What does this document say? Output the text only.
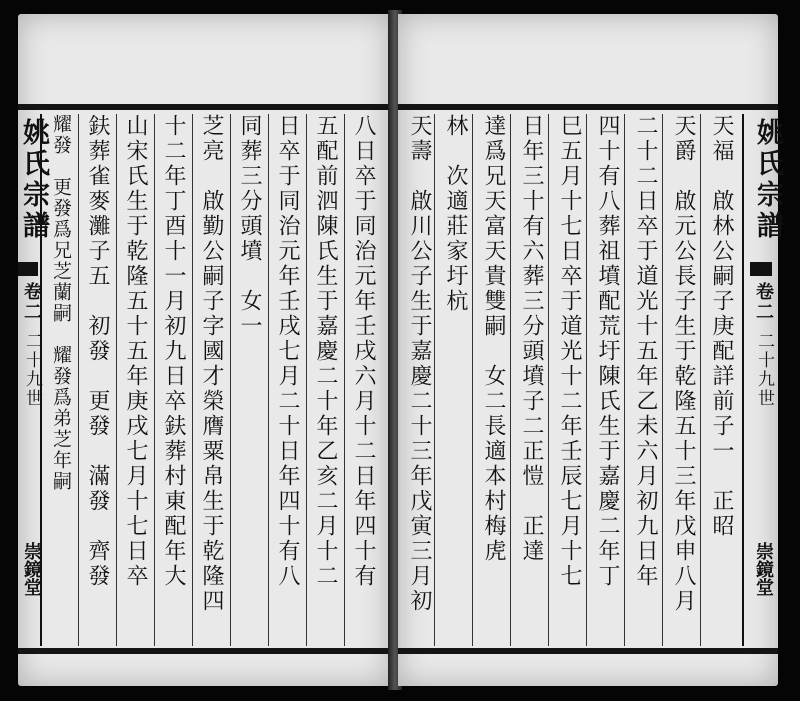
八日卒于同治元年壬戌六月十二日年四十有
五配前泗陳氏生于嘉慶二十年乙亥二月十二
日卒于同治元年壬戌七月二十日年四十有八
同葬三分頭墳　女一
芝亮　啟勤公嗣子字國才榮膺粟帛生于乾隆四
十二年丁酉十一月初九日卒鈇葬村東配年大
山宋氏生于乾隆五十五年庚戌七月十七日卒
鈇葬雀麥灘子五　初發　更發　滿發　齊發
耀發　更發爲兄芝蘭嗣　耀發爲弟芝年嗣
姚氏宗譜
卷二
二十九世
崇鏡堂
姚氏宗譜
卷二
二十九世
崇鏡堂
天福　啟林公嗣子庚配詳前子一　正昭
天爵　啟元公長子生于乾隆五十三年戊申八月
二十二日卒于道光十五年乙未六月初九日年
四十有八葬祖墳配荒圩陳氏生于嘉慶二年丁
巳五月十七日卒于道光十二年壬辰七月十七
日年三十有六葬三分頭墳子二正愷　正達
達爲兄天富天貴雙嗣　女二長適本村梅虎
林　次適莊家圩杭
天壽　啟川公子生于嘉慶二十三年戊寅三月初
